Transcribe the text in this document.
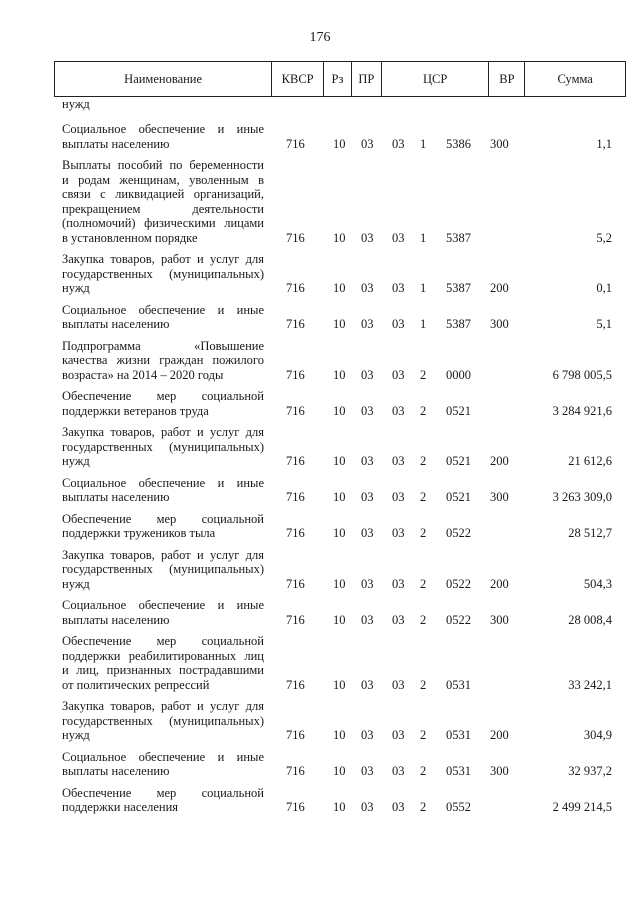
176
Наименование	КВСР	Рз	ПР	ЦСР	ВР	Сумма
нужд
Социальное обеспечение и иные
выплаты населению	716 10 03 03 1 5386 300	1,1
Выплаты пособий по беременности
и родам женщинам, уволенным в
связи с ликвидацией организаций,
прекращением деятельности
(полномочий) физическими лицами
в установленном порядке	716 10 03 03 1 5387	5,2
Закупка товаров, работ и услуг для
государственных (муниципальных)
нужд	716 10 03 03 1 5387 200	0,1
Социальное обеспечение и иные
выплаты населению	716 10 03 03 1 5387 300	5,1
Подпрограмма «Повышение
качества жизни граждан пожилого
возраста» на 2014 – 2020 годы	716 10 03 03 2 0000	6 798 005,5
Обеспечение мер социальной
поддержки ветеранов труда	716 10 03 03 2 0521	3 284 921,6
Закупка товаров, работ и услуг для
государственных (муниципальных)
нужд	716 10 03 03 2 0521 200	21 612,6
Социальное обеспечение и иные
выплаты населению	716 10 03 03 2 0521 300	3 263 309,0
Обеспечение мер социальной
поддержки тружеников тыла	716 10 03 03 2 0522	28 512,7
Закупка товаров, работ и услуг для
государственных (муниципальных)
нужд	716 10 03 03 2 0522 200	504,3
Социальное обеспечение и иные
выплаты населению	716 10 03 03 2 0522 300	28 008,4
Обеспечение мер социальной
поддержки реабилитированных лиц
и лиц, признанных пострадавшими
от политических репрессий	716 10 03 03 2 0531	33 242,1
Закупка товаров, работ и услуг для
государственных (муниципальных)
нужд	716 10 03 03 2 0531 200	304,9
Социальное обеспечение и иные
выплаты населению	716 10 03 03 2 0531 300	32 937,2
Обеспечение мер социальной
поддержки населения	716 10 03 03 2 0552	2 499 214,5
